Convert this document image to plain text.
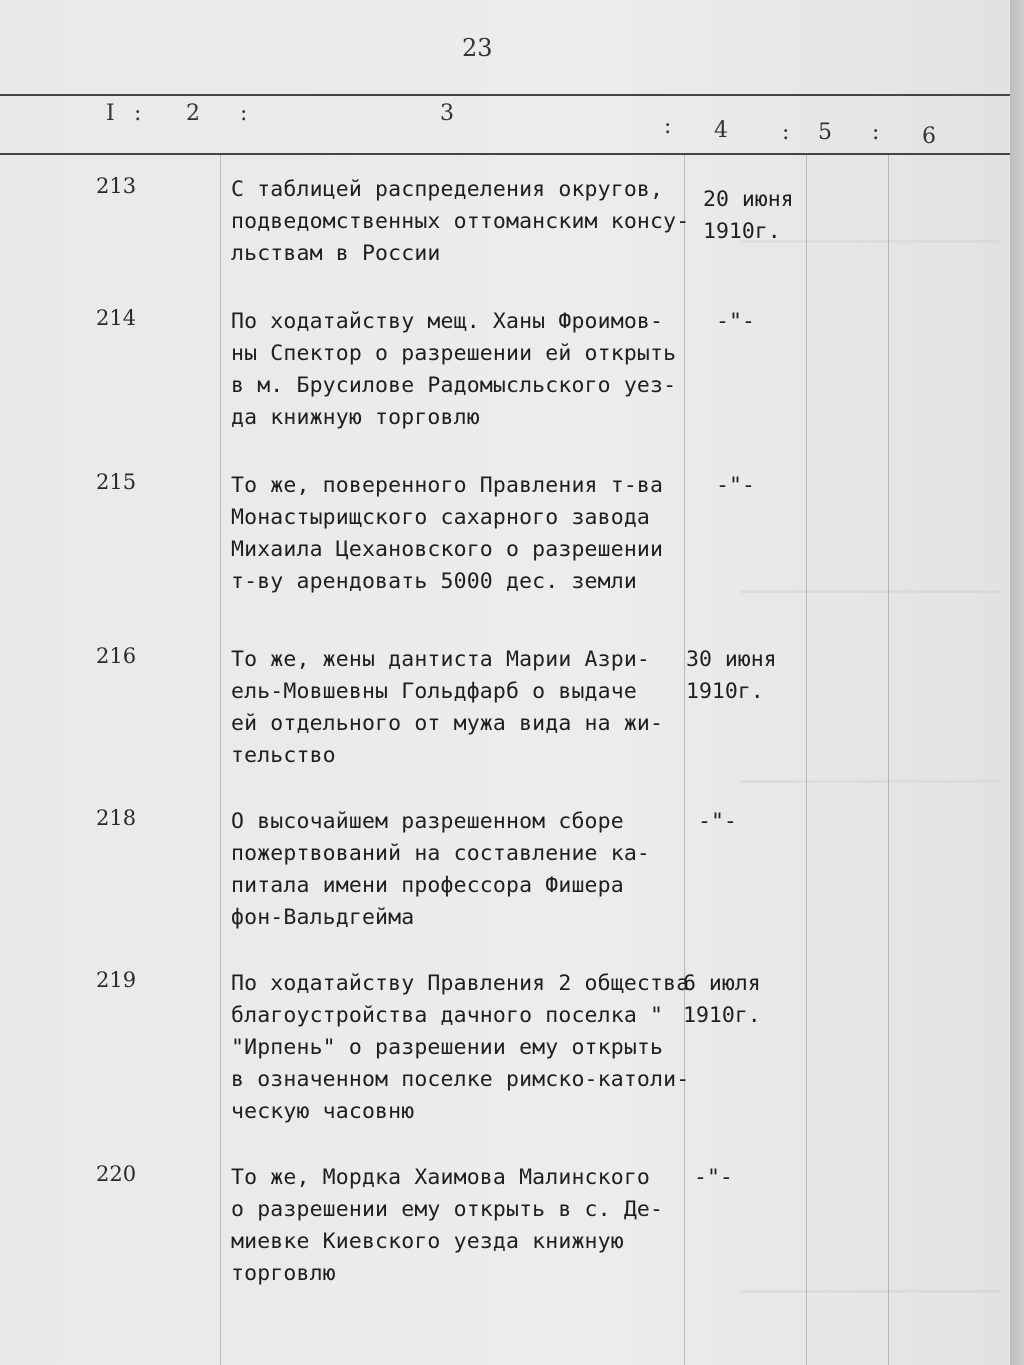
23
I : 2 :	3
: 4 : 5 : 6
213	С таблицей распределения округов,
подведомственных оттоманским консу-
льствам в России
20 июня
1910г.
214	По ходатайству мещ. Ханы Фроимов-
ны Спектор о разрешении ей открыть
в м. Брусилове Радомысльского уез-
да книжную торговлю
-"-
215	То же, поверенного Правления т-ва
Монастырищского сахарного завода
Михаила Цехановского о разрешении
т-ву арендовать 5000 дес. земли
-"-
216	То же, жены дантиста Марии Азри-
ель-Мовшевны Гольдфарб о выдаче
ей отдельного от мужа вида на жи-
тельство
30 июня
1910г.
218	О высочайшем разрешенном сборе
пожертвований на составление ка-
питала имени профессора Фишера
фон-Вальдгейма
-"-
219	По ходатайству Правления 2 общества
благоустройства дачного поселка "
"Ирпень" о разрешении ему открыть
в означенном поселке римско-католи-
ческую часовню
6 июля
1910г.
220	То же, Мордка Хаимова Малинского
о разрешении ему открыть в с. Де-
миевке Киевского уезда книжную
торговлю
-"-
